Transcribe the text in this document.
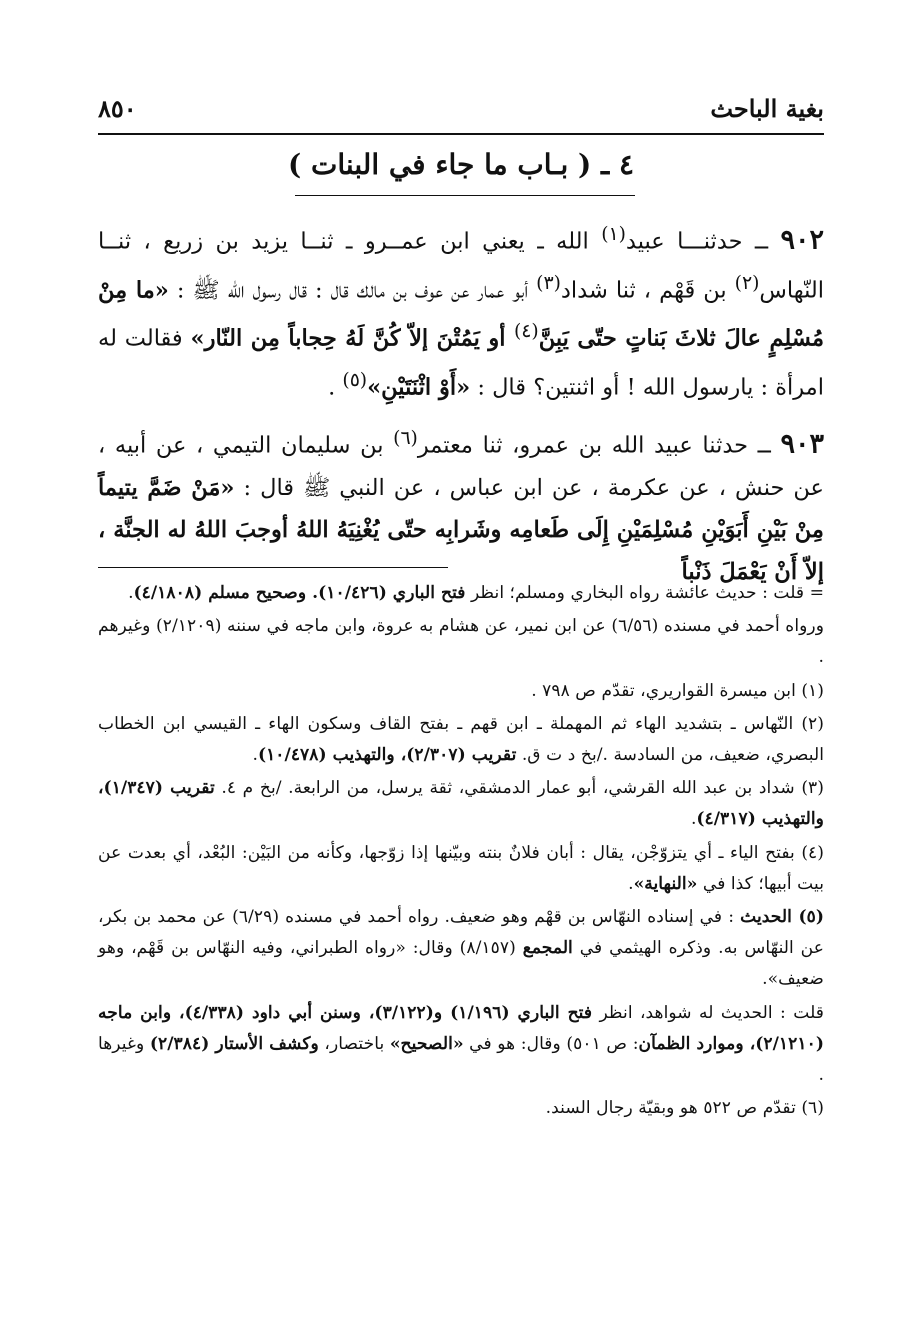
بغية الباحث
٨٥٠
٤ ـ ( بـاب ما جاء في البنات )
٩٠٢ ــ حدثنـــا عبيد$^{(١)}$ الله ـ يعني ابن عمــرو ـ ثنــا يزيد بن زريع ، ثنــا النّهاس$^{(٢)}$ بن قَهْم ، ثنا شداد$^{(٣)}$ أبو عمار عن عوف بن مالك قال : قال رسول الله ﷺ : «ما مِنْ مُسْلِمٍ عالَ ثلاثَ بَناتٍ حتّى يَبِنَّ$^{(٤)}$ أو يَمُتْنَ إلاّ كُنَّ لَهُ حِجاباً مِن النّار» فقالت له امرأة : يارسول الله ! أو اثنتين؟ قال : «أَوْ اثْنَتَيْنِ»$^{(٥)}$ .
٩٠٣ ــ حدثنا عبيد الله بن عمرو، ثنا معتمر$^{(٦)}$ بن سليمان التيمي ، عن أبيه ، عن حنش ، عن عكرمة ، عن ابن عباس ، عن النبي ﷺ قال : «مَنْ ضَمَّ يتيماً مِنْ بَيْنِ أَبَوَيْنِ مُسْلِمَيْنِ إِلَى طَعامِه وشَرابِه حتّى يُغْنِيَهُ اللهُ أوجبَ اللهُ له الجنَّة ، إلاّ أَنْ يَعْمَلَ ذَنْباً

= قلت : حديث عائشة رواه البخاري ومسلم؛ انظر فتح الباري (١٠/٤٢٦). وصحيح مسلم (٤/١٨٠٨).

ورواه أحمد في مسنده (٦/٥٦) عن ابن نمير، عن هشام به عروة، وابن ماجه في سننه (٢/١٢٠٩) وغيرهم .

(١) ابن ميسرة القواريري، تقدّم ص ٧٩٨ .

(٢) النّهاس ـ بتشديد الهاء ثم المهملة ـ ابن قهم ـ بفتح القاف وسكون الهاء ـ القيسي ابن الخطاب البصري، ضعيف، من السادسة ./بخ د ت ق. تقريب (٢/٣٠٧)، والتهذيب (١٠/٤٧٨).

(٣) شداد بن عبد الله القرشي، أبو عمار الدمشقي، ثقة يرسل، من الرابعة. /بخ م ٤. تقريب (١/٣٤٧)، والتهذيب (٤/٣١٧).

(٤) بفتح الياء ـ أي يتزوّجْن، يقال : أبان فلانٌ بنته وبيّنها إذا زوّجها، وكأنه من البَيْن: البُعْد، أي بعدت عن بيت أبيها؛ كذا في «النهاية».

(٥) الحديث : في إسناده النهّاس بن قهْم وهو ضعيف. رواه أحمد في مسنده (٦/٢٩) عن محمد بن بكر، عن النهّاس به. وذكره الهيثمي في المجمع (٨/١٥٧) وقال: «رواه الطبراني، وفيه النهّاس بن قَهْم، وهو ضعيف».

قلت : الحديث له شواهد، انظر فتح الباري (١/١٩٦) و(٣/١٢٢)، وسنن أبي داود (٤/٣٣٨)، وابن ماجه (٢/١٢١٠)، وموارد الظمآن: ص ٥٠١) وقال: هو في «الصحيح» باختصار، وكشف الأستار (٢/٣٨٤) وغيرها .

(٦) تقدّم ص ٥٢٢ هو وبقيّة رجال السند.
